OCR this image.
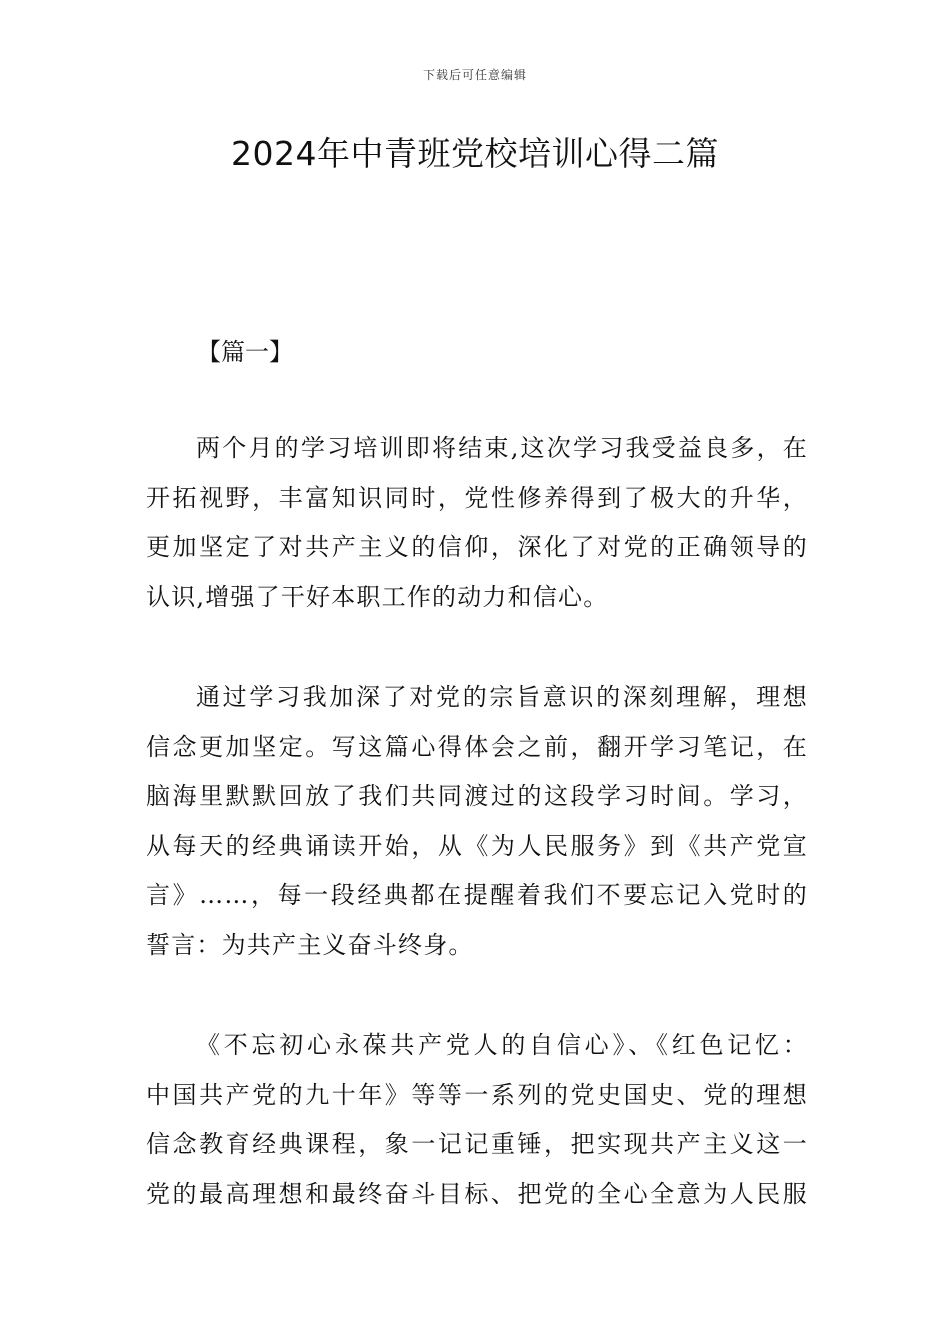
下载后可任意编辑
2024年中青班党校培训心得二篇
【篇一】
两个月的学习培训即将结束,这次学习我受益良多，在
开拓视野，丰富知识同时，党性修养得到了极大的升华，
更加坚定了对共产主义的信仰，深化了对党的正确领导的
认识,增强了干好本职工作的动力和信心。
通过学习我加深了对党的宗旨意识的深刻理解，理想
信念更加坚定。写这篇心得体会之前，翻开学习笔记，在
脑海里默默回放了我们共同渡过的这段学习时间。学习，
从每天的经典诵读开始，从《为人民服务》到《共产党宣
言》……，每一段经典都在提醒着我们不要忘记入党时的
誓言：为共产主义奋斗终身。
《不忘初心永葆共产党人的自信心》、《红色记忆：
中国共产党的九十年》等等一系列的党史国史、党的理想
信念教育经典课程，象一记记重锤，把实现共产主义这一
党的最高理想和最终奋斗目标、把党的全心全意为人民服
